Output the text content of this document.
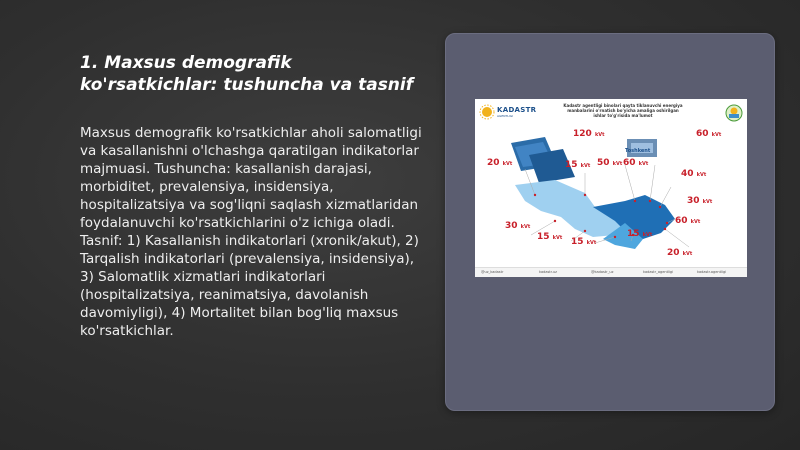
1. Maxsus demografik ko'rsatkichlar: tushuncha va tasnif
Maxsus demografik ko'rsatkichlar aholi salomatligi va kasallanishni o'lchashga qaratilgan indikatorlar majmuasi. Tushuncha: kasallanish darajasi, morbiditet, prevalensiya, insidensiya, hospitalizatsiya va sog'liqni saqlash xizmatlaridan foydalanuvchi ko'rsatkichlarini o'z ichiga oladi. Tasnif: 1) Kasallanish indikatorlari (xronik/akut), 2) Tarqalish indikatorlari (prevalensiya, insidensiya), 3) Salomatlik xizmatlari indikatorlari (hospitalizatsiya, reanimatsiya, davolanish davomiyligi), 4) Mortalitet bilan bog'liq maxsus ko'rsatkichlar.
KADASTR
AGENTLIGI
Kadastr agentligi binolari qayta tiklanuvchi energiya manbalarini o'rnatish bo'yicha amaliga oshirilgan ishlar to'g'risida ma'lumot
Toshkent
120 kVt	60 kVt
20 kVt	15 kVt 50 kVt 60 kVt
40 kVt
30 kVt
60 kVt
30 kVt
15 kVt 15 kVt
15 kVt
20 kVt
@uz_kadastr	kadastr.uz	@kadastr_uz	kadastr_agentligi	kadastr.agentligi
